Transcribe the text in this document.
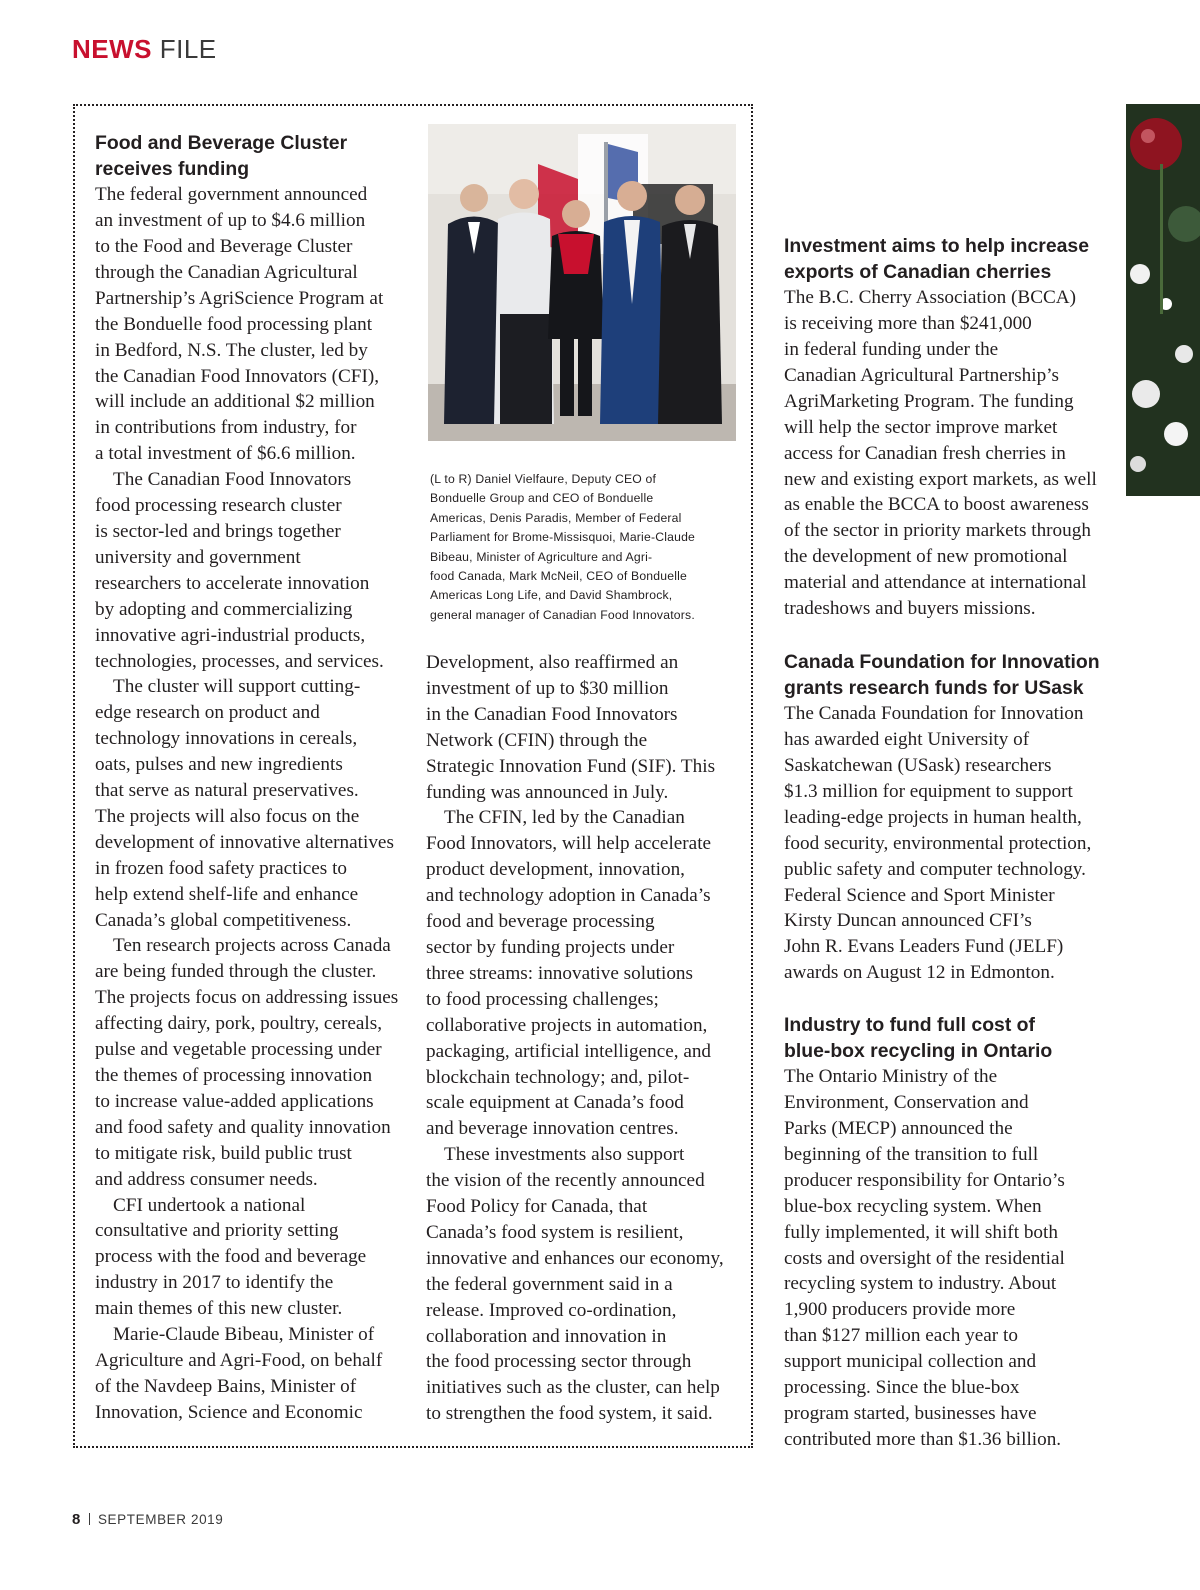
NEWS FILE
Food and Beverage Cluster
receives funding

The federal government announced
an investment of up to $4.6 million
to the Food and Beverage Cluster
through the Canadian Agricultural
Partnership’s AgriScience Program at
the Bonduelle food processing plant
in Bedford, N.S. The cluster, led by
the Canadian Food Innovators (CFI),
will include an additional $2 million
in contributions from industry, for
a total investment of $6.6 million.

The Canadian Food Innovators
food processing research cluster
is sector-led and brings together
university and government
researchers to accelerate innovation
by adopting and commercializing
innovative agri-industrial products,
technologies, processes, and services.

The cluster will support cutting-
edge research on product and
technology innovations in cereals,
oats, pulses and new ingredients
that serve as natural preservatives.
The projects will also focus on the
development of innovative alternatives
in frozen food safety practices to
help extend shelf-life and enhance
Canada’s global competitiveness.

Ten research projects across Canada
are being funded through the cluster.
The projects focus on addressing issues
affecting dairy, pork, poultry, cereals,
pulse and vegetable processing under
the themes of processing innovation
to increase value-added applications
and food safety and quality innovation
to mitigate risk, build public trust
and address consumer needs.

CFI undertook a national
consultative and priority setting
process with the food and beverage
industry in 2017 to identify the
main themes of this new cluster.

Marie-Claude Bibeau, Minister of
Agriculture and Agri-Food, on behalf
of the Navdeep Bains, Minister of
Innovation, Science and Economic

(L to R) Daniel Vielfaure, Deputy CEO of
Bonduelle Group and CEO of Bonduelle
Americas, Denis Paradis, Member of Federal
Parliament for Brome-Missisquoi, Marie-Claude
Bibeau, Minister of Agriculture and Agri-
food Canada, Mark McNeil, CEO of Bonduelle
Americas Long Life, and David Shambrock,
general manager of Canadian Food Innovators.

Development, also reaffirmed an
investment of up to $30 million
in the Canadian Food Innovators
Network (CFIN) through the
Strategic Innovation Fund (SIF). This
funding was announced in July.

The CFIN, led by the Canadian
Food Innovators, will help accelerate
product development, innovation,
and technology adoption in Canada’s
food and beverage processing
sector by funding projects under
three streams: innovative solutions
to food processing challenges;
collaborative projects in automation,
packaging, artificial intelligence, and
blockchain technology; and, pilot-
scale equipment at Canada’s food
and beverage innovation centres.

These investments also support
the vision of the recently announced
Food Policy for Canada, that
Canada’s food system is resilient,
innovative and enhances our economy,
the federal government said in a
release. Improved co-ordination,
collaboration and innovation in
the food processing sector through
initiatives such as the cluster, can help
to strengthen the food system, it said.

Investment aims to help increase
exports of Canadian cherries

The B.C. Cherry Association (BCCA)
is receiving more than $241,000
in federal funding under the
Canadian Agricultural Partnership’s
AgriMarketing Program. The funding
will help the sector improve market
access for Canadian fresh cherries in
new and existing export markets, as well
as enable the BCCA to boost awareness
of the sector in priority markets through
the development of new promotional
material and attendance at international
tradeshows and buyers missions.

Canada Foundation for Innovation
grants research funds for USask

The Canada Foundation for Innovation
has awarded eight University of
Saskatchewan (USask) researchers
$1.3 million for equipment to support
leading-edge projects in human health,
food security, environmental protection,
public safety and computer technology.
Federal Science and Sport Minister
Kirsty Duncan announced CFI’s
John R. Evans Leaders Fund (JELF)
awards on August 12 in Edmonton.

Industry to fund full cost of
blue-box recycling in Ontario

The Ontario Ministry of the
Environment, Conservation and
Parks (MECP) announced the
beginning of the transition to full
producer responsibility for Ontario’s
blue-box recycling system. When
fully implemented, it will shift both
costs and oversight of the residential
recycling system to industry. About
1,900 producers provide more
than $127 million each year to
support municipal collection and
processing. Since the blue-box
program started, businesses have
contributed more than $1.36 billion.

8 SEPTEMBER 2019
